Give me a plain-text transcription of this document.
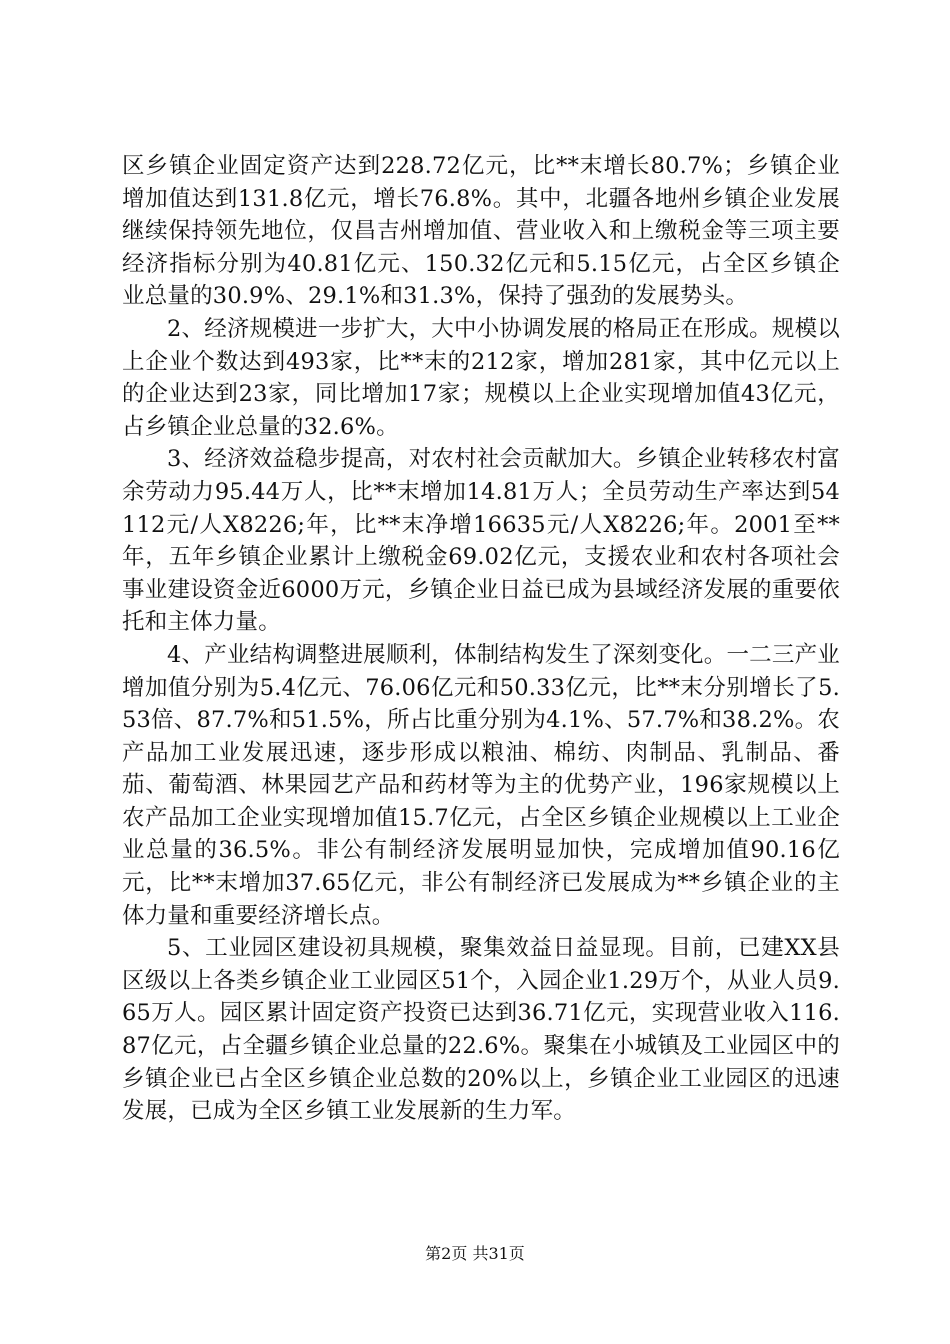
区乡镇企业固定资产达到228.72亿元，比**末增长80.7%；乡镇企业增加值达到131.8亿元，增长76.8%。其中，北疆各地州乡镇企业发展继续保持领先地位，仅昌吉州增加值、营业收入和上缴税金等三项主要经济指标分别为40.81亿元、150.32亿元和5.15亿元，占全区乡镇企业总量的30.9%、29.1%和31.3%，保持了强劲的发展势头。

2、经济规模进一步扩大，大中小协调发展的格局正在形成。规模以上企业个数达到493家，比**末的212家，增加281家，其中亿元以上的企业达到23家，同比增加17家；规模以上企业实现增加值43亿元，占乡镇企业总量的32.6%。

3、经济效益稳步提高，对农村社会贡献加大。乡镇企业转移农村富余劳动力95.44万人，比**末增加14.81万人；全员劳动生产率达到54112元/人X8226;年，比**末净增16635元/人X8226;年。2001至**年，五年乡镇企业累计上缴税金69.02亿元，支援农业和农村各项社会事业建设资金近6000万元，乡镇企业日益已成为县域经济发展的重要依托和主体力量。

4、产业结构调整进展顺利，体制结构发生了深刻变化。一二三产业增加值分别为5.4亿元、76.06亿元和50.33亿元，比**末分别增长了5.53倍、87.7%和51.5%，所占比重分别为4.1%、57.7%和38.2%。农产品加工业发展迅速，逐步形成以粮油、棉纺、肉制品、乳制品、番茄、葡萄酒、林果园艺产品和药材等为主的优势产业，196家规模以上农产品加工企业实现增加值15.7亿元，占全区乡镇企业规模以上工业企业总量的36.5%。非公有制经济发展明显加快，完成增加值90.16亿元，比**末增加37.65亿元，非公有制经济已发展成为**乡镇企业的主体力量和重要经济增长点。

5、工业园区建设初具规模，聚集效益日益显现。目前，已建XX县区级以上各类乡镇企业工业园区51个，入园企业1.29万个，从业人员9.65万人。园区累计固定资产投资已达到36.71亿元，实现营业收入116.87亿元，占全疆乡镇企业总量的22.6%。聚集在小城镇及工业园区中的乡镇企业已占全区乡镇企业总数的20%以上，乡镇企业工业园区的迅速发展，已成为全区乡镇工业发展新的生力军。

第2页 共31页
